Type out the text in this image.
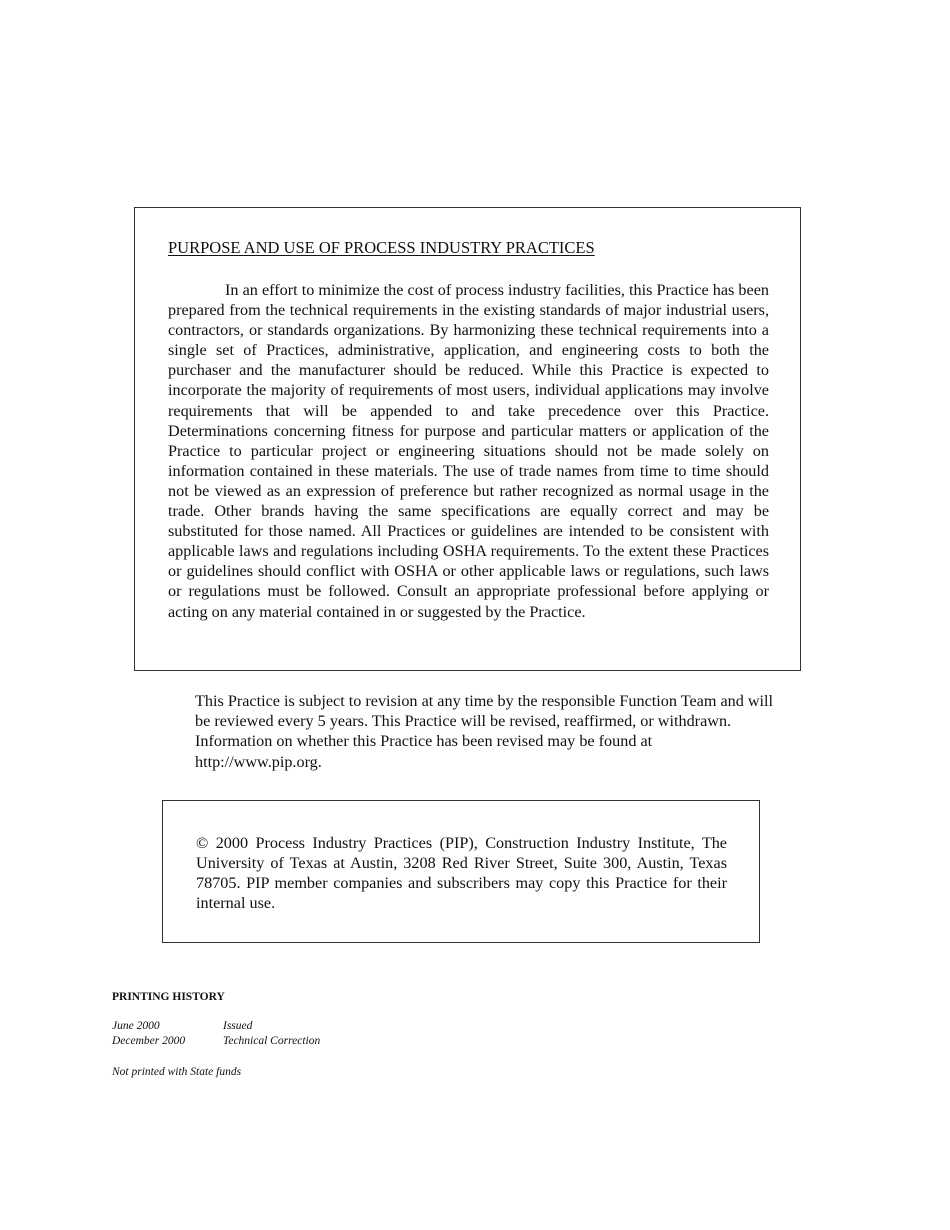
PURPOSE AND USE OF PROCESS INDUSTRY PRACTICES

In an effort to minimize the cost of process industry facilities, this Practice has been prepared from the technical requirements in the existing standards of major industrial users, contractors, or standards organizations. By harmonizing these technical requirements into a single set of Practices, administrative, application, and engineering costs to both the purchaser and the manufacturer should be reduced. While this Practice is expected to incorporate the majority of requirements of most users, individual applications may involve requirements that will be appended to and take precedence over this Practice. Determinations concerning fitness for purpose and particular matters or application of the Practice to particular project or engineering situations should not be made solely on information contained in these materials. The use of trade names from time to time should not be viewed as an expression of preference but rather recognized as normal usage in the trade. Other brands having the same specifications are equally correct and may be substituted for those named. All Practices or guidelines are intended to be consistent with applicable laws and regulations including OSHA requirements. To the extent these Practices or guidelines should conflict with OSHA or other applicable laws or regulations, such laws or regulations must be followed. Consult an appropriate professional before applying or acting on any material contained in or suggested by the Practice.

This Practice is subject to revision at any time by the responsible Function Team and will be reviewed every 5 years. This Practice will be revised, reaffirmed, or withdrawn. Information on whether this Practice has been revised may be found at http://www.pip.org.

© 2000 Process Industry Practices (PIP), Construction Industry Institute, The University of Texas at Austin, 3208 Red River Street, Suite 300, Austin, Texas 78705. PIP member companies and subscribers may copy this Practice for their internal use.

PRINTING HISTORY

June 2000	Issued
December 2000	Technical Correction

Not printed with State funds
